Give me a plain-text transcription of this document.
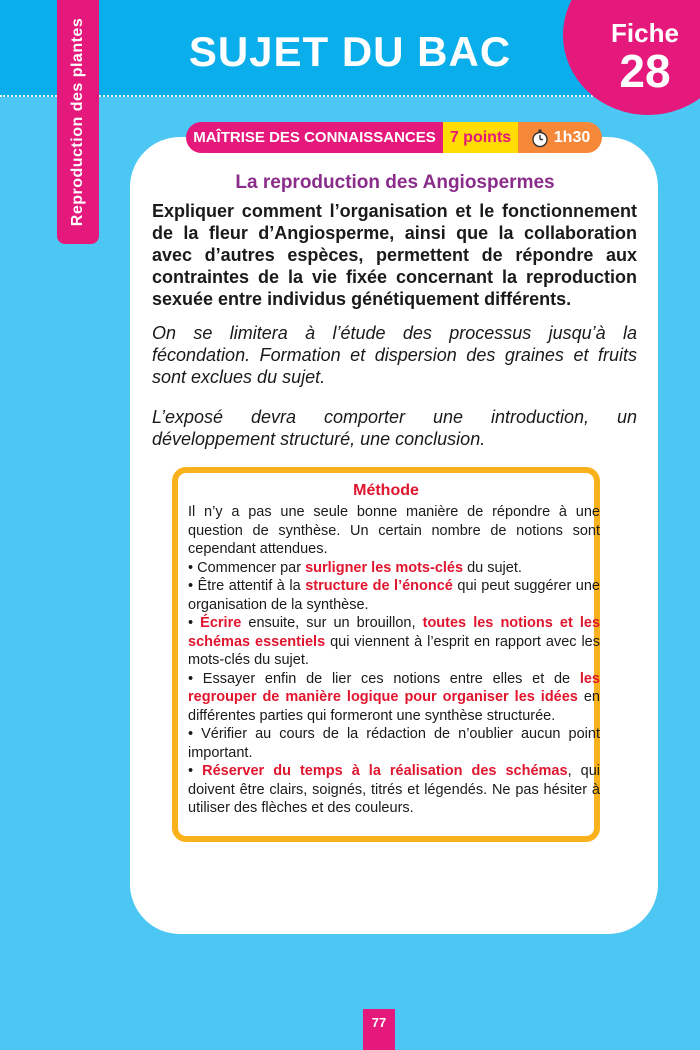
SUJET DU BAC	Fiche
28
Reproduction des plantes	MAÎTRISE DES CONNAISSANCES 7 points	1h30
La reproduction des Angiospermes
Expliquer comment l’organisation et le fonctionnement de la fleur d’Angiosperme, ainsi que la collaboration avec d’autres espèces, permettent de répondre aux contraintes de la vie fixée concernant la reproduction sexuée entre individus génétiquement différents.
On se limitera à l’étude des processus jusqu’à la fécondation. Formation et dispersion des graines et fruits sont exclues du sujet.
L’exposé devra comporter une introduction, un développement structuré, une conclusion.
Méthode

Il n’y a pas une seule bonne manière de répondre à une question de synthèse. Un certain nombre de notions sont cependant attendues.

• Commencer par surligner les mots-clés du sujet.

• Être attentif à la structure de l’énoncé qui peut suggérer une organisation de la synthèse.

• Écrire ensuite, sur un brouillon, toutes les notions et les schémas essentiels qui viennent à l’esprit en rapport avec les mots-clés du sujet.

• Essayer enfin de lier ces notions entre elles et de les regrouper de manière logique pour organiser les idées en différentes parties qui formeront une synthèse structurée.

• Vérifier au cours de la rédaction de n’oublier aucun point important.

• Réserver du temps à la réalisation des schémas, qui doivent être clairs, soignés, titrés et légendés. Ne pas hésiter à utiliser des flèches et des couleurs.

77
